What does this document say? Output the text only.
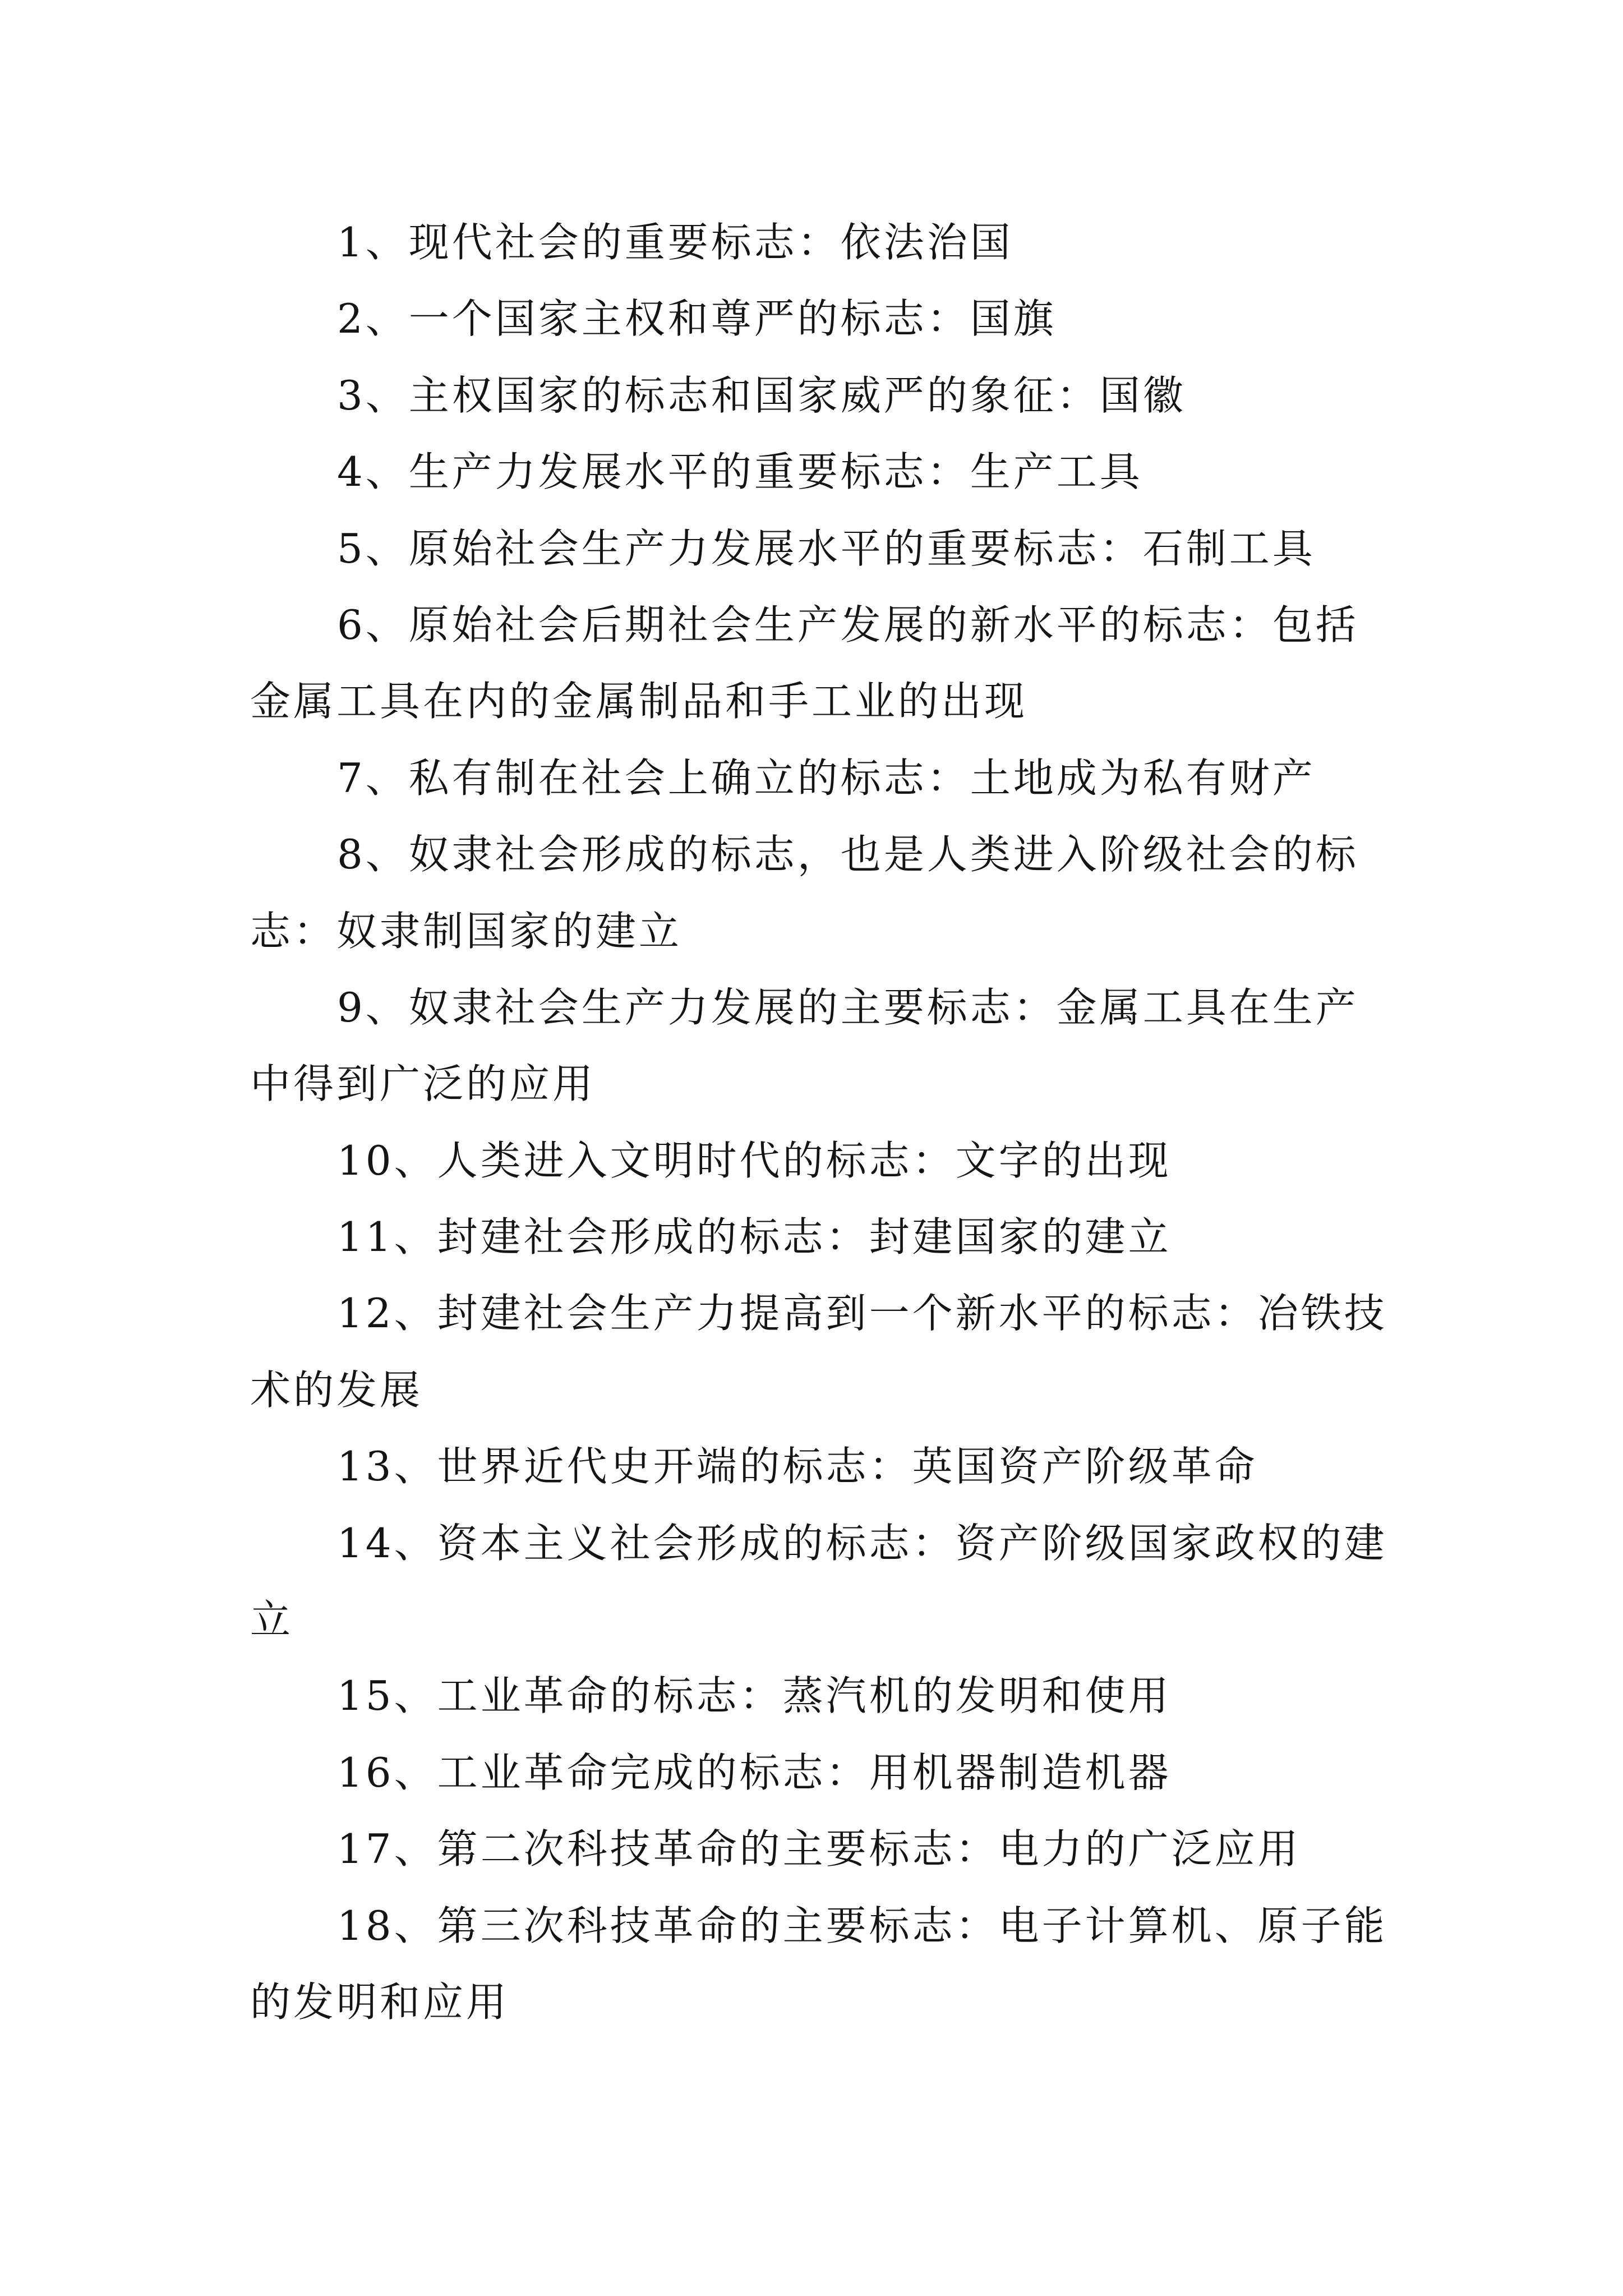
1、现代社会的重要标志：依法治国
2、一个国家主权和尊严的标志：国旗
3、主权国家的标志和国家威严的象征：国徽
4、生产力发展水平的重要标志：生产工具
5、原始社会生产力发展水平的重要标志：石制工具
6、原始社会后期社会生产发展的新水平的标志：包括
金属工具在内的金属制品和手工业的出现
7、私有制在社会上确立的标志：土地成为私有财产
8、奴隶社会形成的标志，也是人类进入阶级社会的标
志：奴隶制国家的建立
9、奴隶社会生产力发展的主要标志：金属工具在生产
中得到广泛的应用
10、人类进入文明时代的标志：文字的出现
11、封建社会形成的标志：封建国家的建立
12、封建社会生产力提高到一个新水平的标志：冶铁技
术的发展
13、世界近代史开端的标志：英国资产阶级革命
14、资本主义社会形成的标志：资产阶级国家政权的建
立
15、工业革命的标志：蒸汽机的发明和使用
16、工业革命完成的标志：用机器制造机器
17、第二次科技革命的主要标志：电力的广泛应用
18、第三次科技革命的主要标志：电子计算机、原子能
的发明和应用
